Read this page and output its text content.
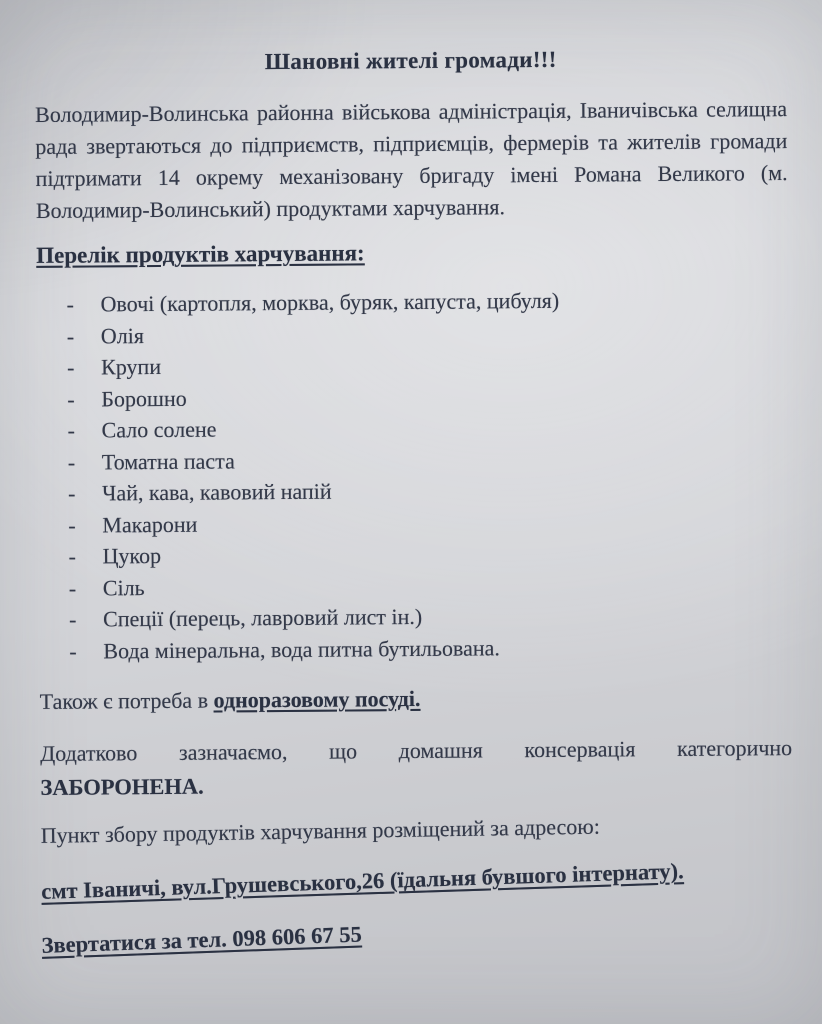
Шановні жителі громади!!!

Володимир-Волинська районна військова адміністрація, Іваничівська селищна рада звертаються до підприємств, підприємців, фермерів та жителів громади підтримати 14 окрему механізовану бригаду імені Романа Великого (м. Володимир-Волинський) продуктами харчування.

Перелік продуктів харчування:
-	Овочі (картопля, морква, буряк, капуста, цибуля)
-	Олія
-	Крупи
-	Борошно
-	Сало солене
-	Томатна паста
-	Чай, кава, кавовий напій
-	Макарони
-	Цукор
-	Сіль
-	Спеції (перець, лавровий лист ін.)
-	Вода мінеральна, вода питна бутильована.

Також є потреба в одноразовому посуді.

Додатково зазначаємо, що домашня консервація категорично

ЗАБОРОНЕНА.

Пункт збору продуктів харчування розміщений за адресою:

смт Іваничі, вул.Грушевського,26 (їдальня бувшого інтернату).

Звертатися за тел. 098 606 67 55
